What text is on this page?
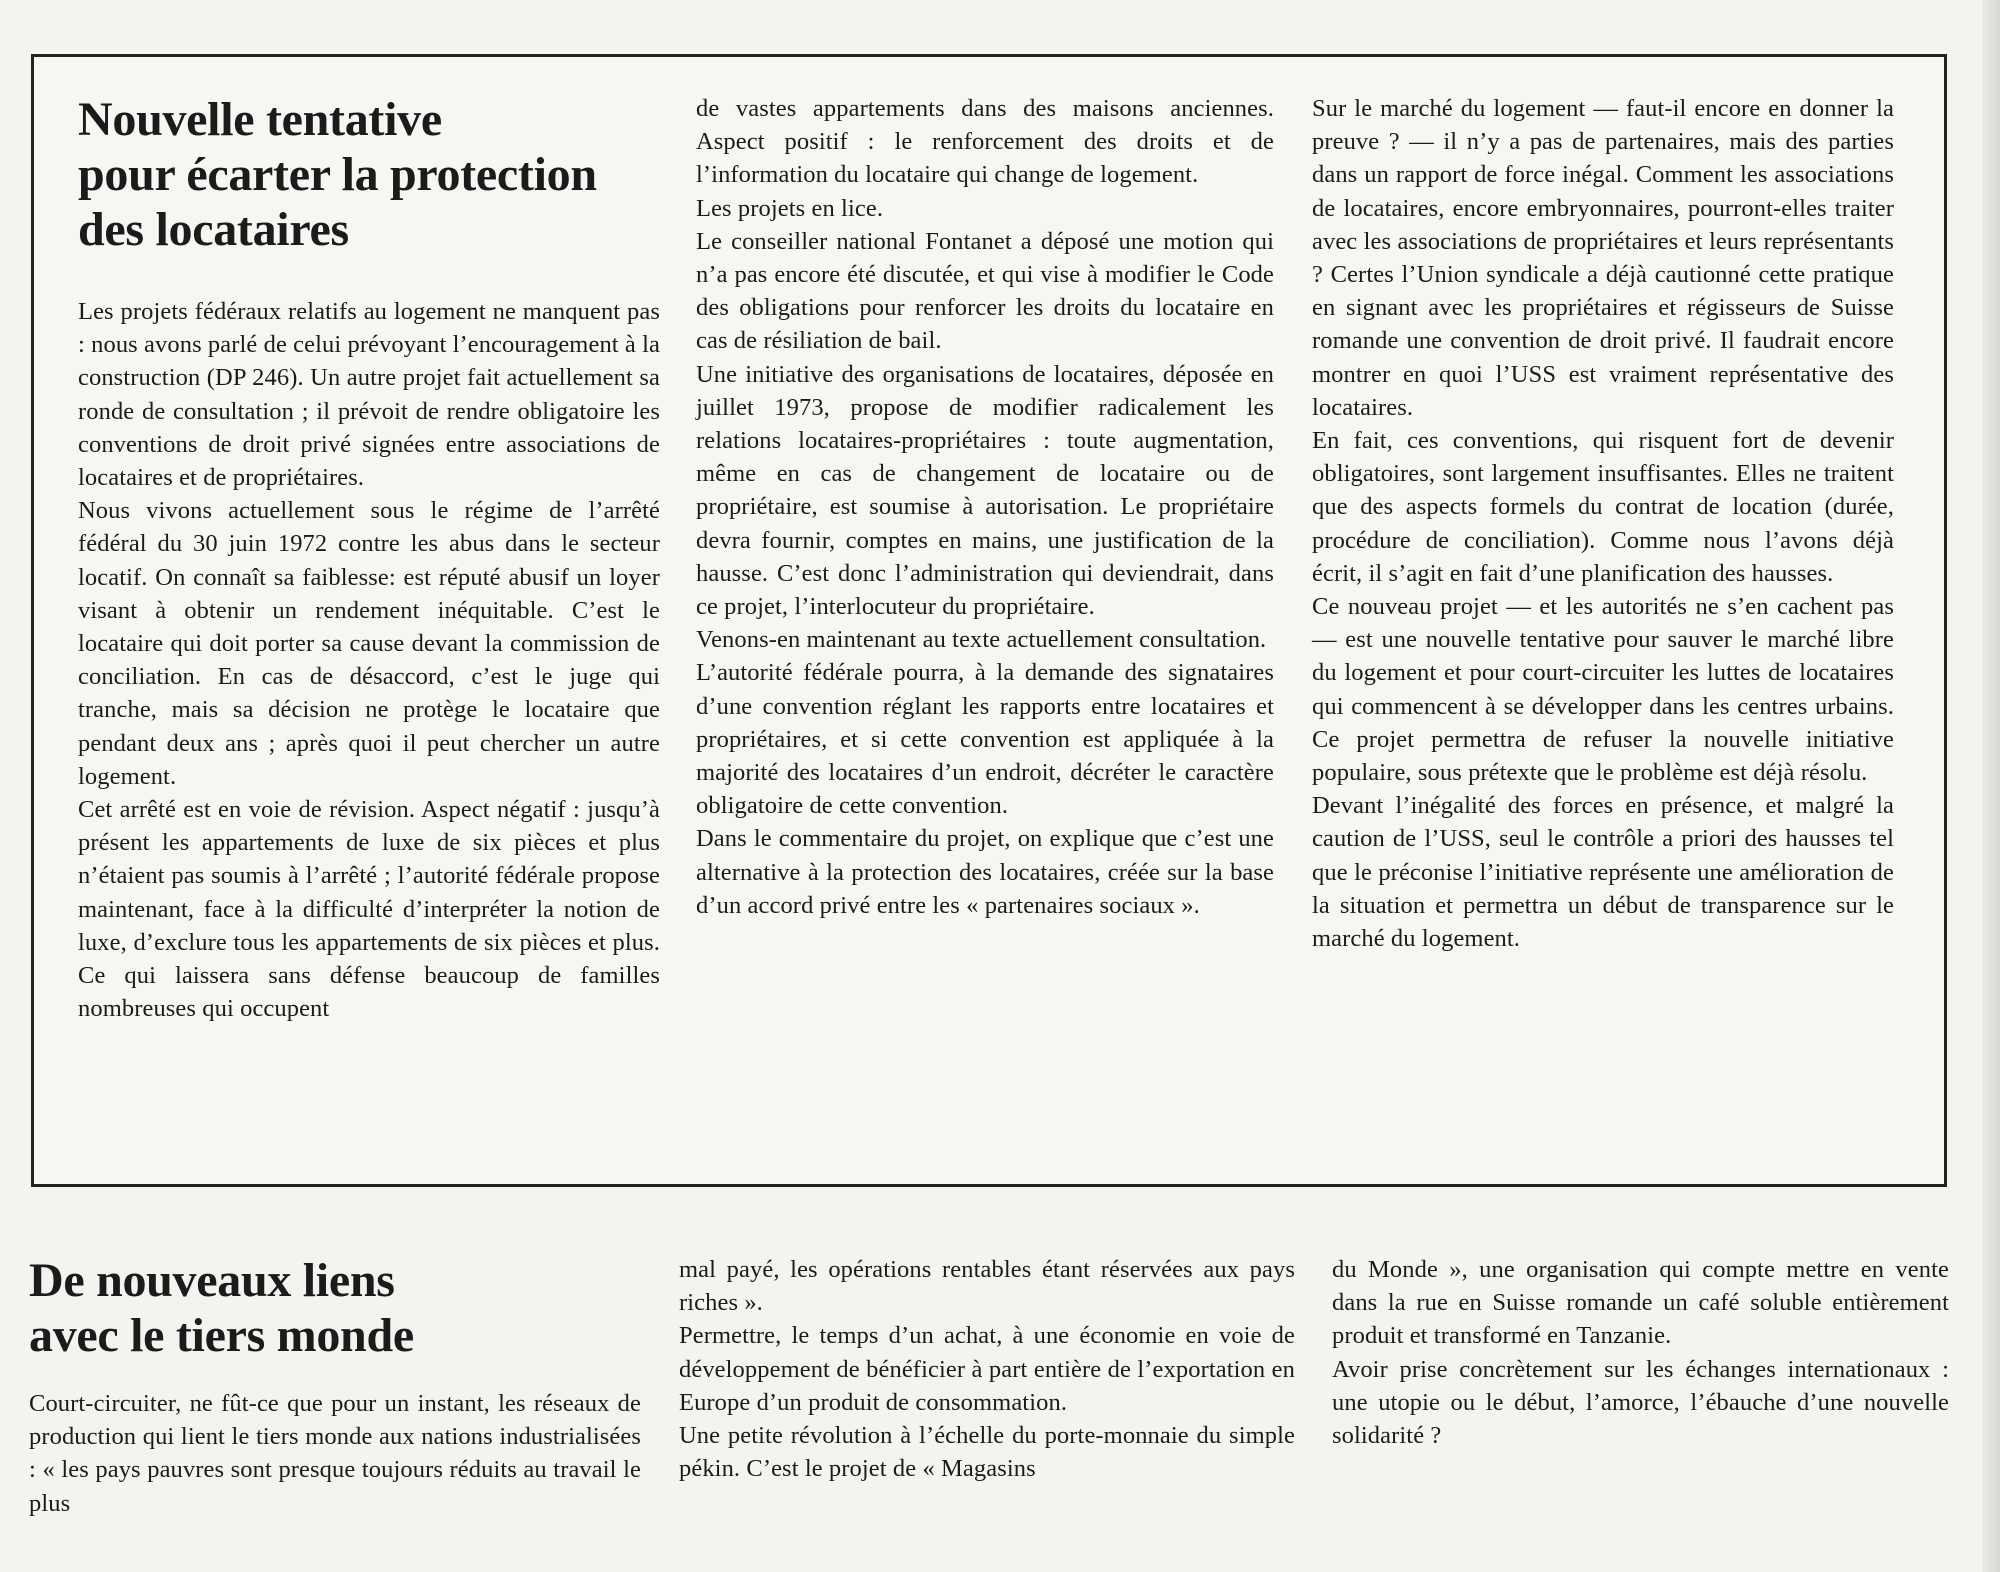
Nouvelle tentative
pour écarter la protection
des locataires

Les projets fédéraux relatifs au logement ne manquent pas : nous avons parlé de celui prévoyant l’encouragement à la construction (DP 246). Un autre projet fait actuellement sa ronde de consultation ; il prévoit de rendre obligatoire les conventions de droit privé signées entre associations de locataires et de propriétaires.

Nous vivons actuellement sous le régime de l’arrêté fédéral du 30 juin 1972 contre les abus dans le secteur locatif. On connaît sa faiblesse: est réputé abusif un loyer visant à obtenir un rendement inéquitable. C’est le locataire qui doit porter sa cause devant la commission de conciliation. En cas de désaccord, c’est le juge qui tranche, mais sa décision ne protège le locataire que pendant deux ans ; après quoi il peut chercher un autre logement.

Cet arrêté est en voie de révision. Aspect négatif : jusqu’à présent les appartements de luxe de six pièces et plus n’étaient pas soumis à l’arrêté ; l’autorité fédérale propose maintenant, face à la difficulté d’interpréter la notion de luxe, d’exclure tous les appartements de six pièces et plus. Ce qui laissera sans défense beaucoup de familles nombreuses qui occupent

de vastes appartements dans des maisons anciennes. Aspect positif : le renforcement des droits et de l’information du locataire qui change de logement.

Les projets en lice.

Le conseiller national Fontanet a déposé une motion qui n’a pas encore été discutée, et qui vise à modifier le Code des obligations pour renforcer les droits du locataire en cas de résiliation de bail.

Une initiative des organisations de locataires, déposée en juillet 1973, propose de modifier radicalement les relations locataires-propriétaires : toute augmentation, même en cas de changement de locataire ou de propriétaire, est soumise à autorisation. Le propriétaire devra fournir, comptes en mains, une justification de la hausse. C’est donc l’administration qui deviendrait, dans ce projet, l’interlocuteur du propriétaire.

Venons-en maintenant au texte actuellement consultation.

L’autorité fédérale pourra, à la demande des signataires d’une convention réglant les rapports entre locataires et propriétaires, et si cette convention est appliquée à la majorité des locataires d’un endroit, décréter le caractère obligatoire de cette convention.

Dans le commentaire du projet, on explique que c’est une alternative à la protection des locataires, créée sur la base d’un accord privé entre les « partenaires sociaux ».

Sur le marché du logement — faut-il encore en donner la preuve ? — il n’y a pas de partenaires, mais des parties dans un rapport de force inégal. Comment les associations de locataires, encore embryonnaires, pourront-elles traiter avec les associations de propriétaires et leurs représentants ? Certes l’Union syndicale a déjà cautionné cette pratique en signant avec les propriétaires et régisseurs de Suisse romande une convention de droit privé. Il faudrait encore montrer en quoi l’USS est vraiment représentative des locataires.

En fait, ces conventions, qui risquent fort de devenir obligatoires, sont largement insuffisantes. Elles ne traitent que des aspects formels du contrat de location (durée, procédure de conciliation). Comme nous l’avons déjà écrit, il s’agit en fait d’une planification des hausses.

Ce nouveau projet — et les autorités ne s’en cachent pas — est une nouvelle tentative pour sauver le marché libre du logement et pour court-circuiter les luttes de locataires qui commencent à se développer dans les centres urbains. Ce projet permettra de refuser la nouvelle initiative populaire, sous prétexte que le problème est déjà résolu.

Devant l’inégalité des forces en présence, et malgré la caution de l’USS, seul le contrôle a priori des hausses tel que le préconise l’initiative représente une amélioration de la situation et permettra un début de transparence sur le marché du logement.

De nouveaux liens
avec le tiers monde

Court-circuiter, ne fût-ce que pour un instant, les réseaux de production qui lient le tiers monde aux nations industrialisées : « les pays pauvres sont presque toujours réduits au travail le plus

mal payé, les opérations rentables étant réservées aux pays riches ».

Permettre, le temps d’un achat, à une économie en voie de développement de bénéficier à part entière de l’exportation en Europe d’un produit de consommation.

Une petite révolution à l’échelle du porte-monnaie du simple pékin. C’est le projet de « Magasins

du Monde », une organisation qui compte mettre en vente dans la rue en Suisse romande un café soluble entièrement produit et transformé en Tanzanie.

Avoir prise concrètement sur les échanges internationaux : une utopie ou le début, l’amorce, l’ébauche d’une nouvelle solidarité ?
